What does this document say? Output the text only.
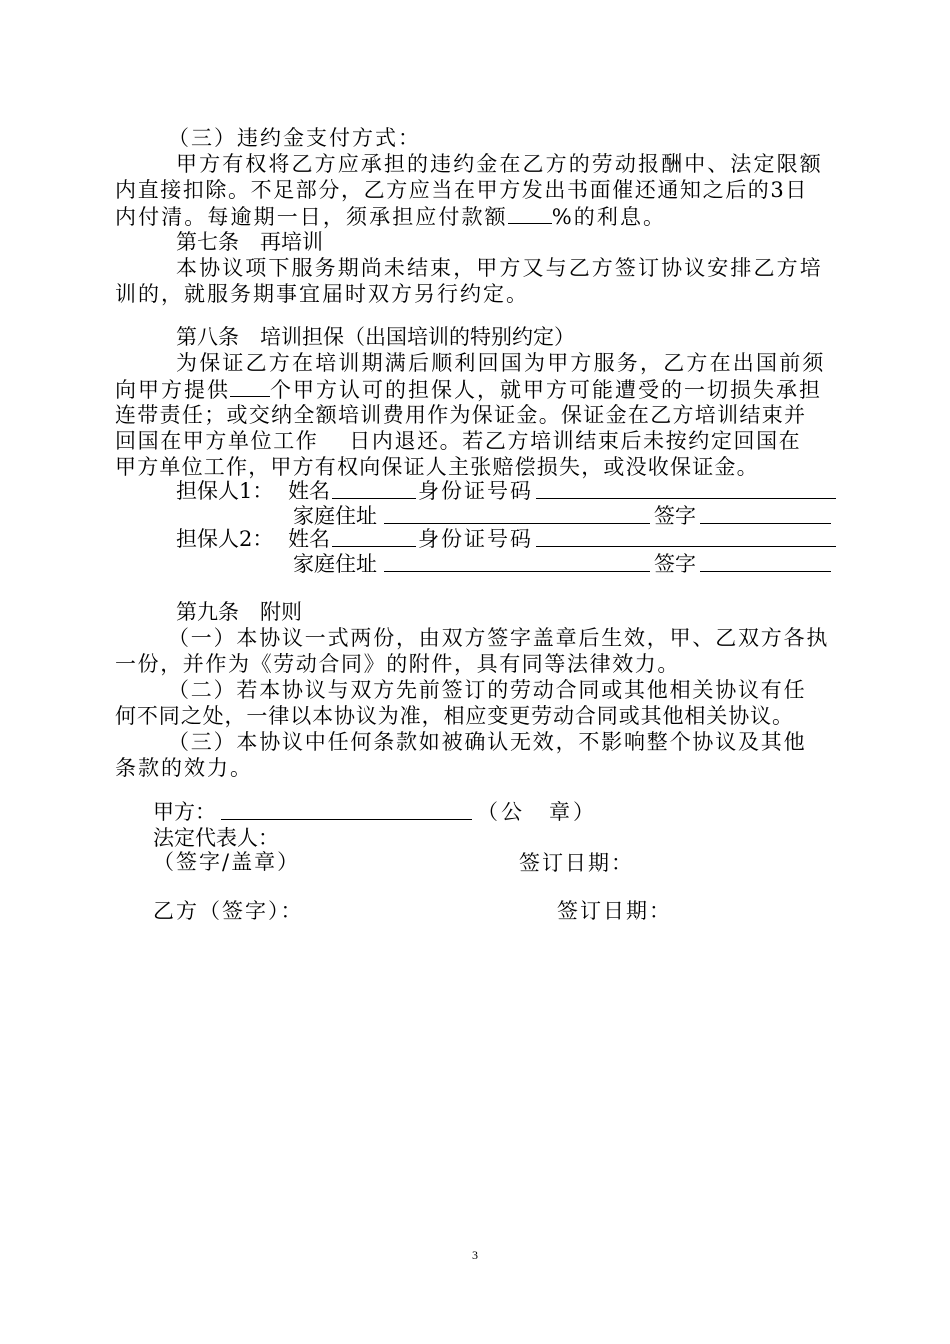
（三）违约金支付方式：
甲方有权将乙方应承担的违约金在乙方的劳动报酬中、法定限额
内直接扣除。不足部分，乙方应当在甲方发出书面催还通知之后的3日
内付清。每逾期一日，须承担应付款额 %的利息。
第七条　再培训
本协议项下服务期尚未结束，甲方又与乙方签订协议安排乙方培
训的，就服务期事宜届时双方另行约定。
第八条　培训担保（出国培训的特别约定）
为保证乙方在培训期满后顺利回国为甲方服务，乙方在出国前须
向甲方提供 个甲方认可的担保人，就甲方可能遭受的一切损失承担
连带责任；或交纳全额培训费用作为保证金。保证金在乙方培训结束并
回国在甲方单位工作　 日内退还。若乙方培训结束后未按约定回国在
甲方单位工作，甲方有权向保证人主张赔偿损失，或没收保证金。
担保人1： 姓名	身份证号码
家庭住址	签字
担保人2： 姓名	身份证号码
家庭住址	签字
第九条　附则
（一）本协议一式两份，由双方签字盖章后生效，甲、乙双方各执
一份，并作为《劳动合同》的附件，具有同等法律效力。
（二）若本协议与双方先前签订的劳动合同或其他相关协议有任
何不同之处，一律以本协议为准，相应变更劳动合同或其他相关协议。
（三）本协议中任何条款如被确认无效，不影响整个协议及其他
条款的效力。
甲方：	（公　章）
法定代表人：
（签字/盖章）	签订日期：
乙方（签字）：	签订日期：
3
